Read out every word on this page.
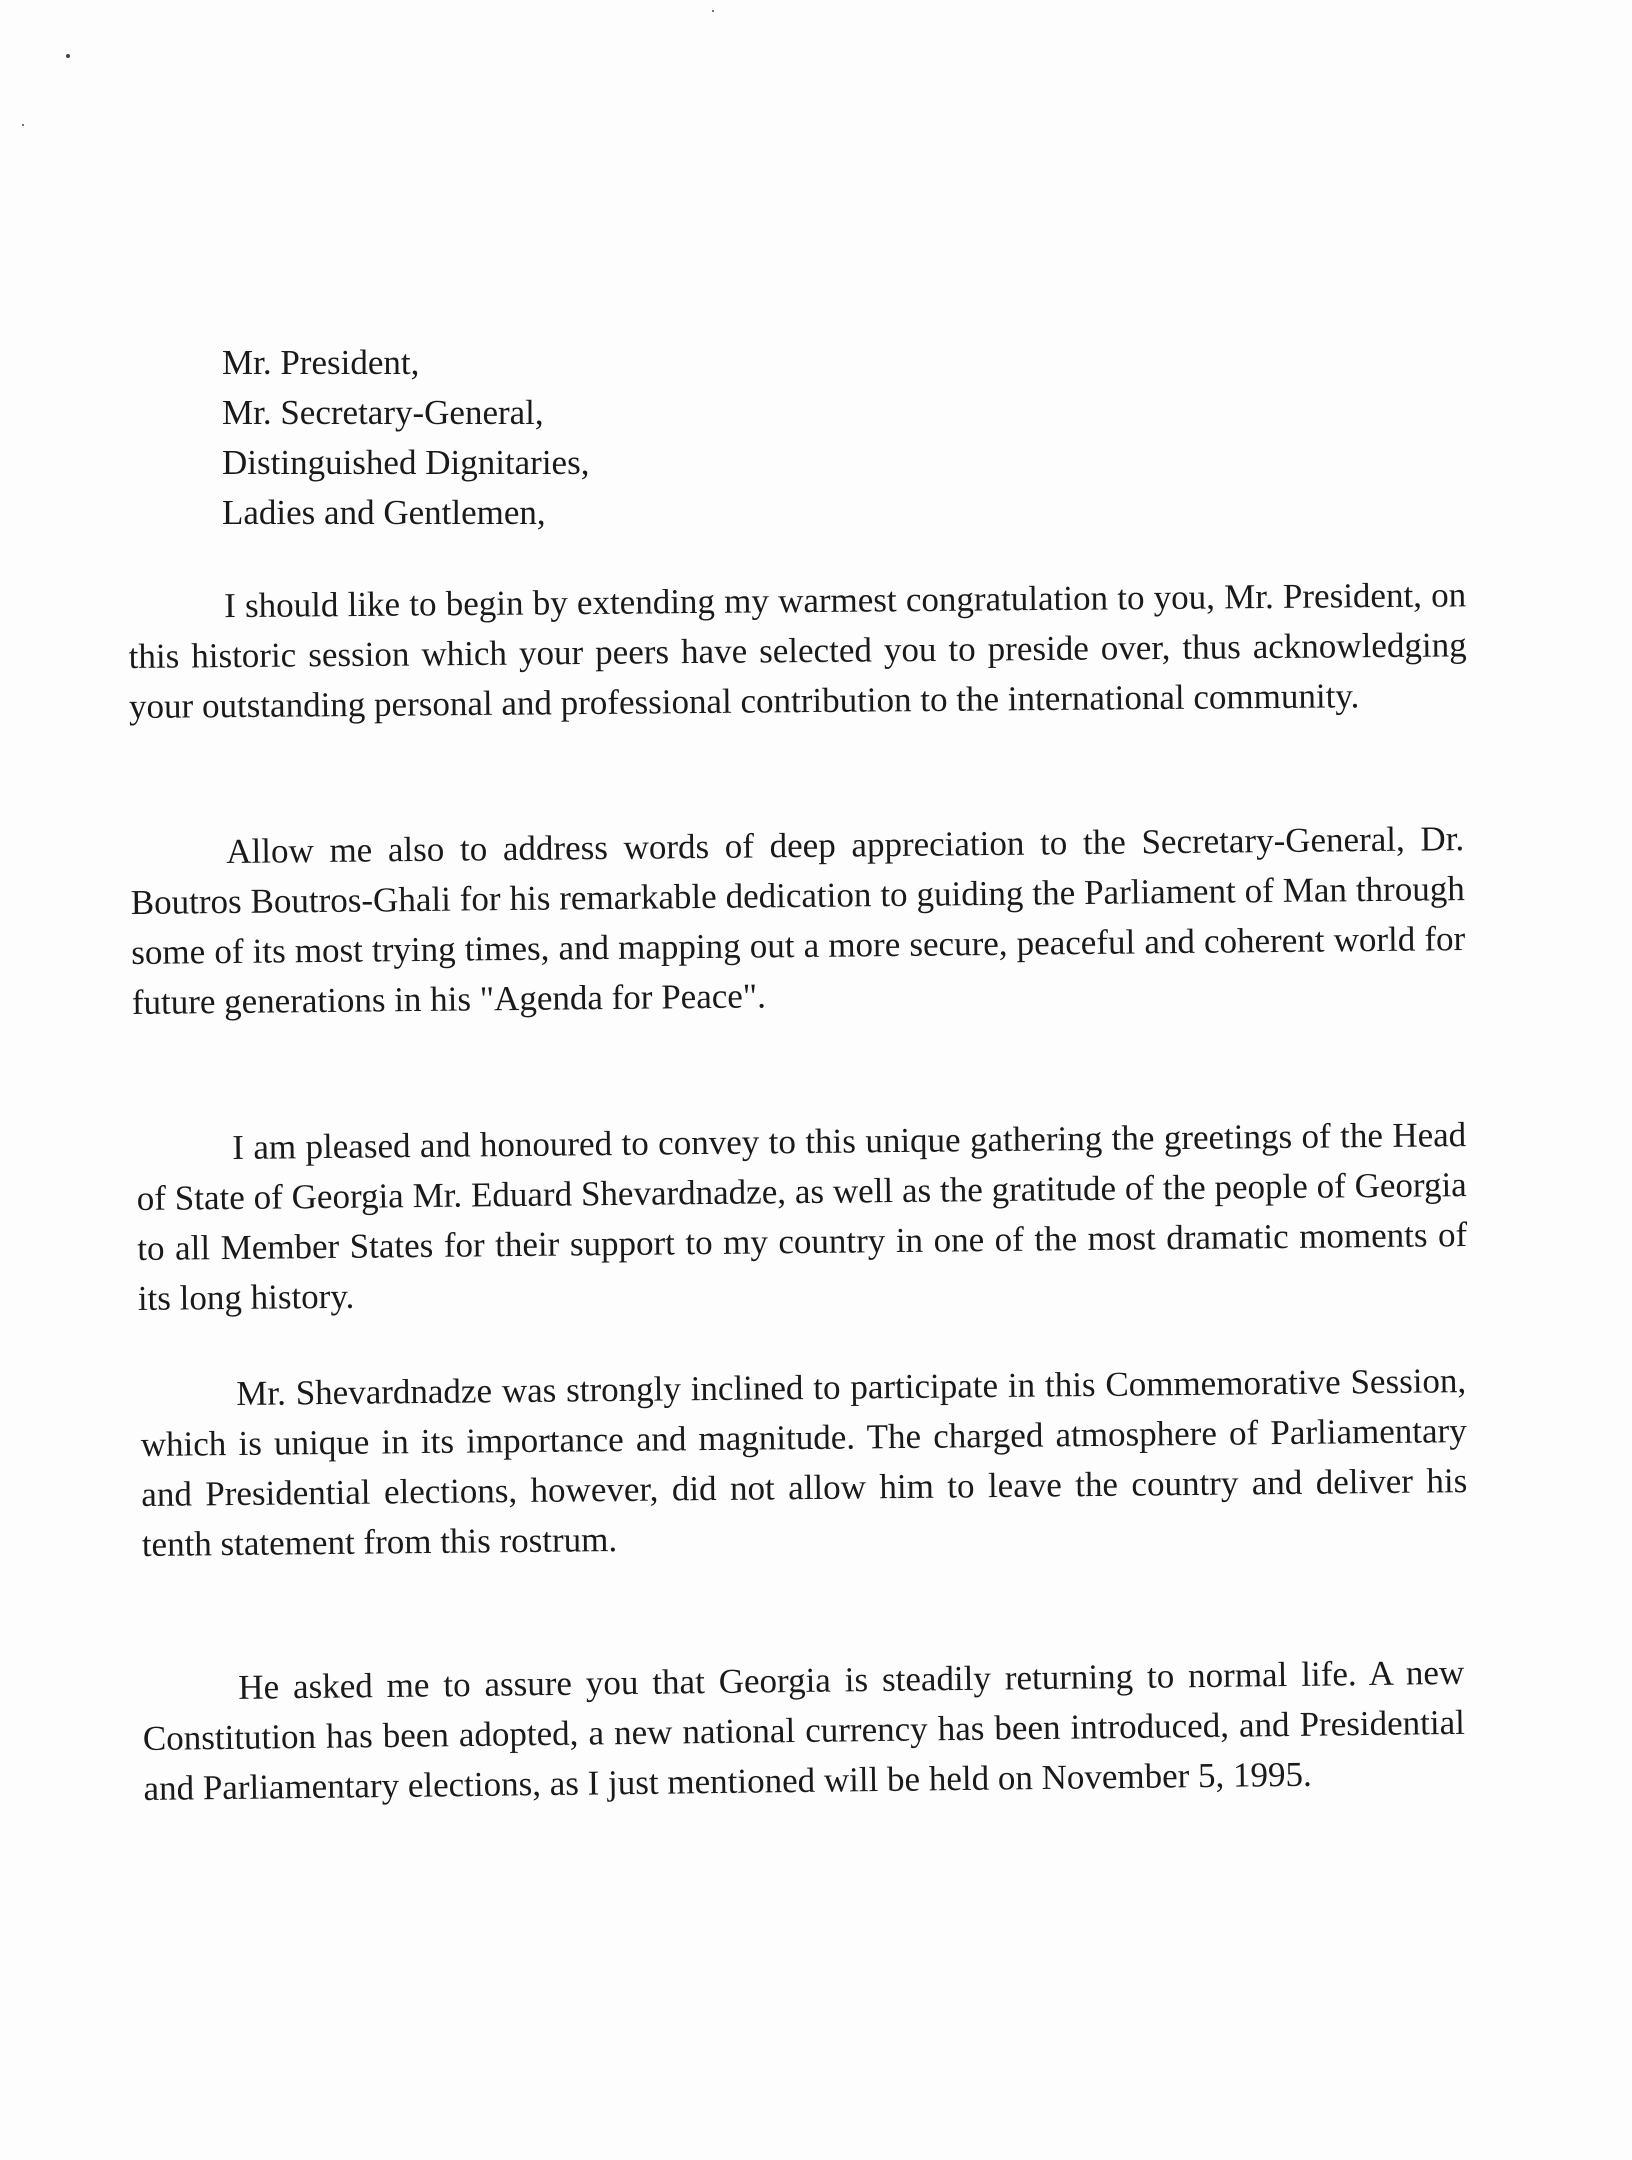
Mr. President,
Mr. Secretary-General,
Distinguished Dignitaries,
Ladies and Gentlemen,

I should like to begin by extending my warmest congratulation to you, Mr. President, on this historic session which your peers have selected you to preside over, thus acknowledging your outstanding personal and professional contribution to the international community.

Allow me also to address words of deep appreciation to the Secretary-General, Dr. Boutros Boutros-Ghali for his remarkable dedication to guiding the Parliament of Man through some of its most trying times, and mapping out a more secure, peaceful and coherent world for future generations in his "Agenda for Peace".

I am pleased and honoured to convey to this unique gathering the greetings of the Head of State of Georgia Mr. Eduard Shevardnadze, as well as the gratitude of the people of Georgia to all Member States for their support to my country in one of the most dramatic moments of its long history.

Mr. Shevardnadze was strongly inclined to participate in this Commemorative Session, which is unique in its importance and magnitude. The charged atmosphere of Parliamentary and Presidential elections, however, did not allow him to leave the country and deliver his tenth statement from this rostrum.

He asked me to assure you that Georgia is steadily returning to normal life. A new Constitution has been adopted, a new national currency has been introduced, and Presidential and Parliamentary elections, as I just mentioned will be held on November 5, 1995.
